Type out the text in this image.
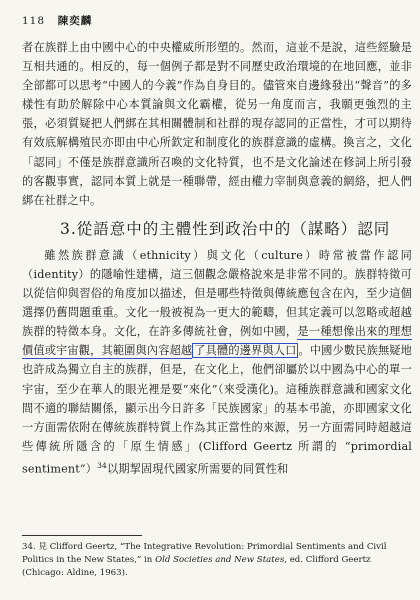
118 陳奕麟

者在族群上由中國中心的中央權威所形塑的。然而，這並不是說，這些經驗是互相共通的。相反的，每一個例子都是對不同歷史政治環境的在地回應，並非全部都可以思考“中國人的今義”作為自身目的。儘管來自邊緣發出“聲音”的多樣性有助於解除中心本質論與文化霸權，從另一角度而言，我願更強烈的主張，必須質疑把人們綁在其相關體制和社群的現存認同的正當性，才可以期待有效底解構殖民亦即由中心所欽定和制度化的族群意識的虛構。換言之，文化「認同」不僅是族群意識所召喚的文化特質，也不是文化論述在修詞上所引發的客觀事實，認同本質上就是一種聯帶，經由權力宰制與意義的網絡，把人們綁在社群之中。

3.從語意中的主體性到政治中的（謀略）認同

雖然族群意識（ethnicity）與文化（culture）時常被當作認同（identity）的隱喻性建構，這三個觀念嚴格說來是非常不同的。族群特徵可以從信仰與習俗的角度加以描述，但是哪些特徵與傳統應包含在內，至少這個選擇仍舊問題重重。文化一般被視為一更大的範疇，但其定義可以忽略或超越族群的特徵本身。文化，在許多傳統社會，例如中國，是一種想像出來的理想價值或宇宙觀，其範圍與內容超越 了具體的邊界與人口 。中國少數民族無疑地也許成為獨立自主的族群，但是，在文化上，他們卻屬於以中國為中心的單一宇宙，至少在華人的眼光裡是要“來化”（來受漢化)。這種族群意識和國家文化間不適的聯結關係，顯示出今日許多「民族國家」的基本弔詭，亦即國家文化一方面需依附在傳統族群特質上作為其正當性的來源，另一方面需同時超越這些傳統所隱含的「原生情感」(Clifford Geertz 所謂的 “primordial sentiment”）$^{34}$以期挈固現代國家所需要的同質性和

34. 見 Clifford Geertz, “The Integrative Revolution: Primordial Sentiments and Civil Politics in the New States,” in Old Societies and New States, ed. Clifford Geertz (Chicago: Aldine, 1963).
